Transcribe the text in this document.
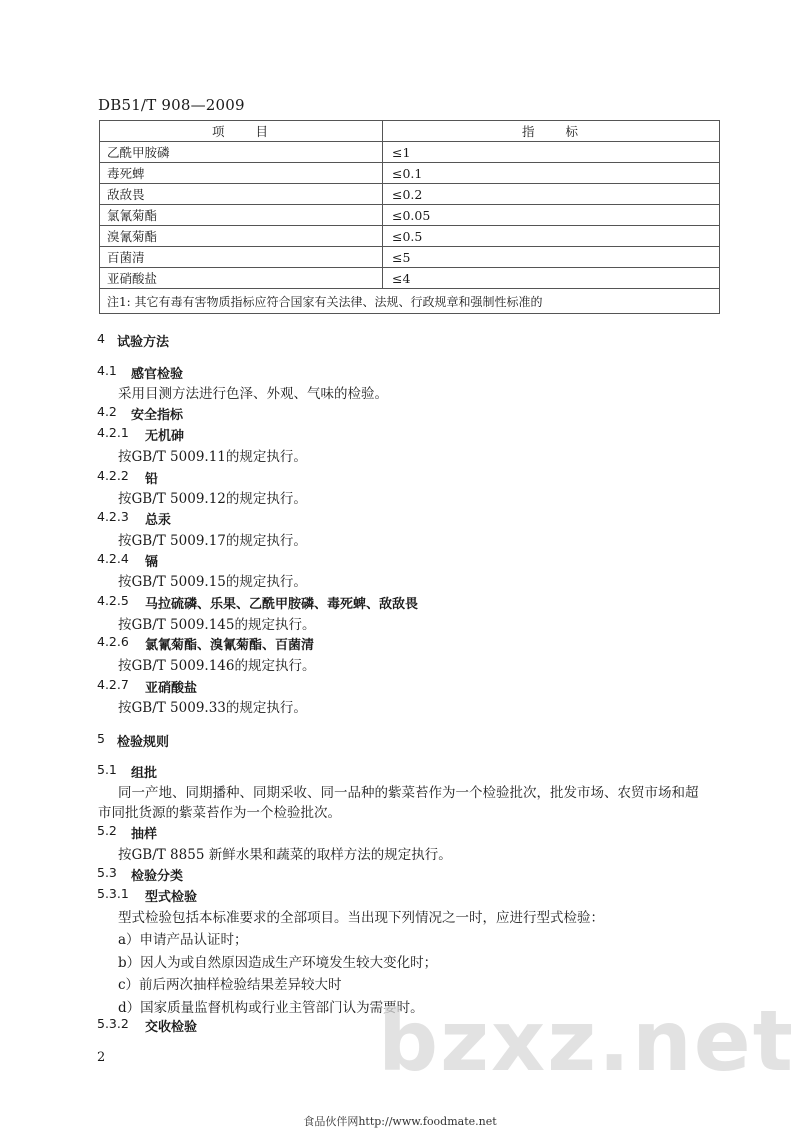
DB51/T 908—2009
项　　目	指　　标
乙酰甲胺磷	≤1
毒死蜱	≤0.1
敌敌畏	≤0.2
氯氰菊酯	≤0.05
溴氰菊酯	≤0.5
百菌清	≤5
亚硝酸盐	≤4
注1: 其它有毒有害物质指标应符合国家有关法律、法规、行政规章和强制性标准的	
4 试验方法
4.1 感官检验
采用目测方法进行色泽、外观、气味的检验。
4.2 安全指标
4.2.1 无机砷
按GB/T 5009.11的规定执行。
4.2.2 铅
按GB/T 5009.12的规定执行。
4.2.3 总汞
按GB/T 5009.17的规定执行。
4.2.4 镉
按GB/T 5009.15的规定执行。
4.2.5 马拉硫磷、乐果、乙酰甲胺磷、毒死蜱、敌敌畏
按GB/T 5009.145的规定执行。
4.2.6 氯氰菊酯、溴氰菊酯、百菌清
按GB/T 5009.146的规定执行。
4.2.7 亚硝酸盐
按GB/T 5009.33的规定执行。
5 检验规则
5.1 组批
同一产地、同期播种、同期采收、同一品种的紫菜苔作为一个检验批次，批发市场、农贸市场和超
市同批货源的紫菜苔作为一个检验批次。
5.2 抽样
按GB/T 8855 新鲜水果和蔬菜的取样方法的规定执行。
5.3 检验分类
5.3.1 型式检验
型式检验包括本标准要求的全部项目。当出现下列情况之一时，应进行型式检验：
a）申请产品认证时；
b）因人为或自然原因造成生产环境发生较大变化时；
c）前后两次抽样检验结果差异较大时
d）国家质量监督机构或行业主管部门认为需要时。
5.3.2 交收检验 bzxz.net
2
食品伙伴网http://www.foodmate.net
